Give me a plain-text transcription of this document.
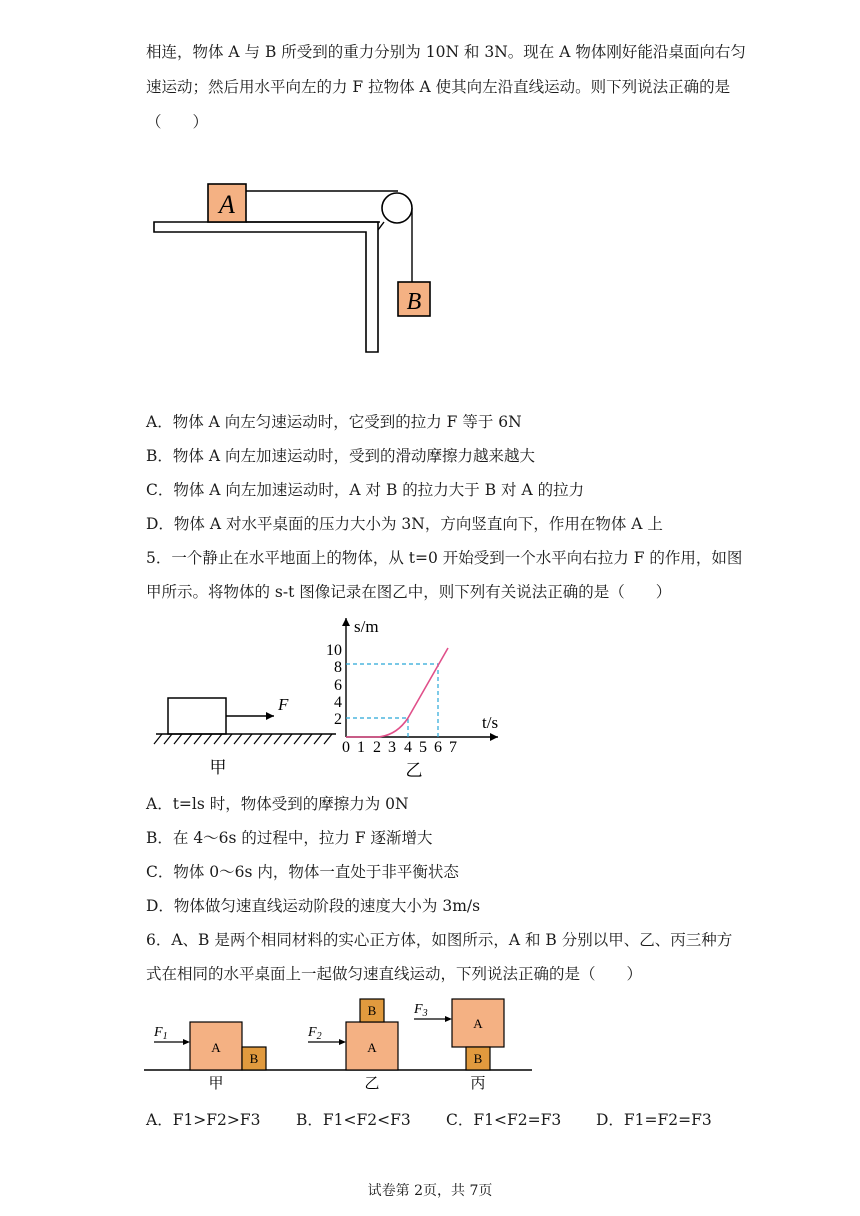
相连，物体 A 与 B 所受到的重力分别为 10N 和 3N。现在 A 物体刚好能沿桌面向右匀
速运动；然后用水平向左的力 F 拉物体 A 使其向左沿直线运动。则下列说法正确的是
（　　）
A
B
A．物体 A 向左匀速运动时，它受到的拉力 F 等于 6N
B．物体 A 向左加速运动时，受到的滑动摩擦力越来越大
C．物体 A 向左加速运动时，A 对 B 的拉力大于 B 对 A 的拉力
D．物体 A 对水平桌面的压力大小为 3N，方向竖直向下，作用在物体 A 上
5．一个静止在水平地面上的物体，从 t=0 开始受到一个水平向右拉力 F 的作用，如图
甲所示。将物体的 s-t 图像记录在图乙中，则下列有关说法正确的是（　　）
F
甲
s/m
t/s
2
4
6
8
10
0 1 2 3 4 5 6 7
乙
A．t=ls 时，物体受到的摩擦力为 0N
B．在 4～6s 的过程中，拉力 F 逐渐增大
C．物体 0～6s 内，物体一直处于非平衡状态
D．物体做匀速直线运动阶段的速度大小为 3m/s
6．A、B 是两个相同材料的实心正方体，如图所示，A 和 B 分别以甲、乙、丙三种方
式在相同的水平桌面上一起做匀速直线运动，下列说法正确的是（　　）
A
B
$F_1$
甲
A
B
$F_2$
乙
A
B
$F_3$
丙
A．F1>F2>F3 B．F1<F2<F3 C．F1<F2=F3 D．F1=F2=F3
试卷第 2页，共 7页
